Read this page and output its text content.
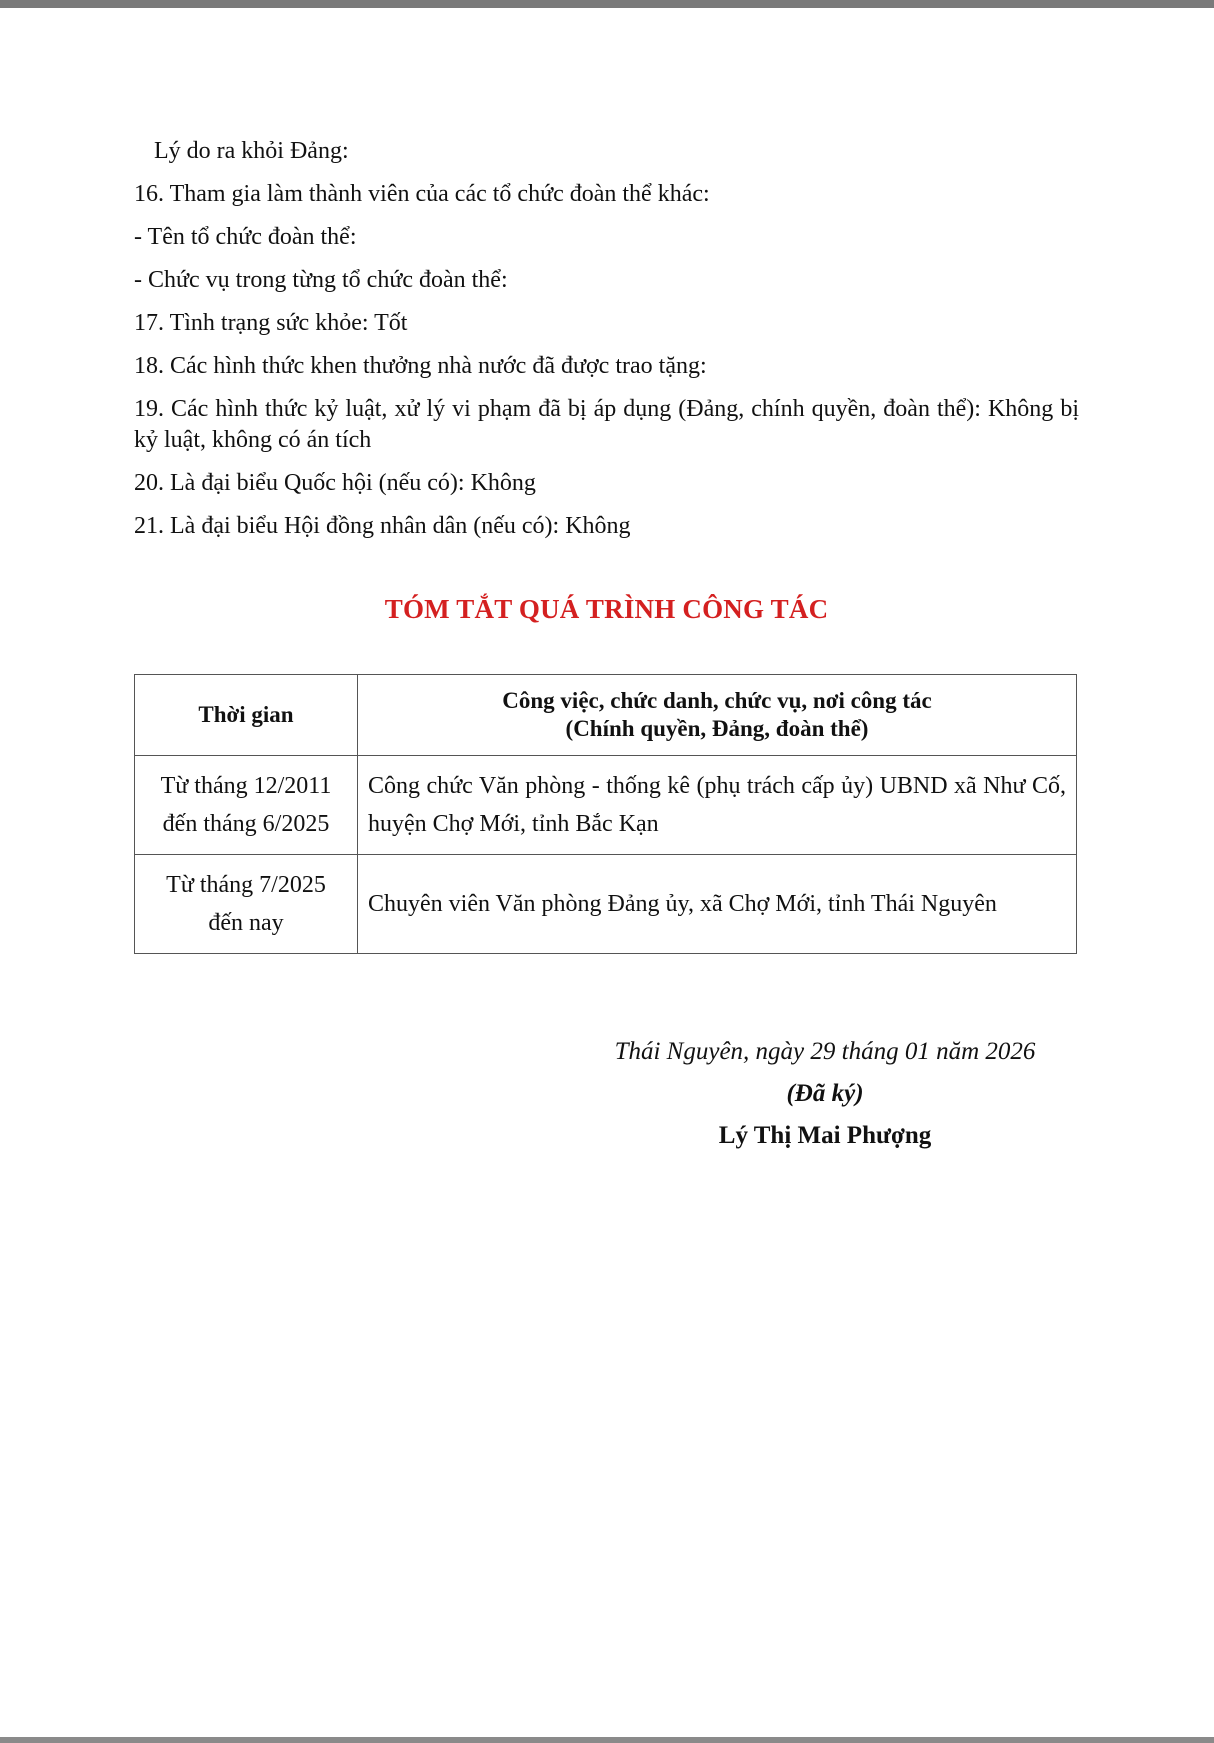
Lý do ra khỏi Đảng:

16. Tham gia làm thành viên của các tổ chức đoàn thể khác:

- Tên tổ chức đoàn thể:

- Chức vụ trong từng tổ chức đoàn thể:

17. Tình trạng sức khỏe: Tốt

18. Các hình thức khen thưởng nhà nước đã được trao tặng:

19. Các hình thức kỷ luật, xử lý vi phạm đã bị áp dụng (Đảng, chính quyền, đoàn thể): Không bị kỷ luật, không có án tích

20. Là đại biểu Quốc hội (nếu có): Không

21. Là đại biểu Hội đồng nhân dân (nếu có): Không

TÓM TẮT QUÁ TRÌNH CÔNG TÁC
Thời gian	Công việc, chức danh, chức vụ, nơi công tác
(Chính quyền, Đảng, đoàn thể)

Từ tháng 12/2011
đến tháng 6/2025	Công chức Văn phòng - thống kê (phụ trách cấp ủy) UBND xã Như Cố, huyện Chợ Mới, tỉnh Bắc Kạn

Từ tháng 7/2025
đến nay	Chuyên viên Văn phòng Đảng ủy, xã Chợ Mới, tỉnh Thái Nguyên
Thái Nguyên, ngày 29 tháng 01 năm 2026
(Đã ký)
Lý Thị Mai Phượng
